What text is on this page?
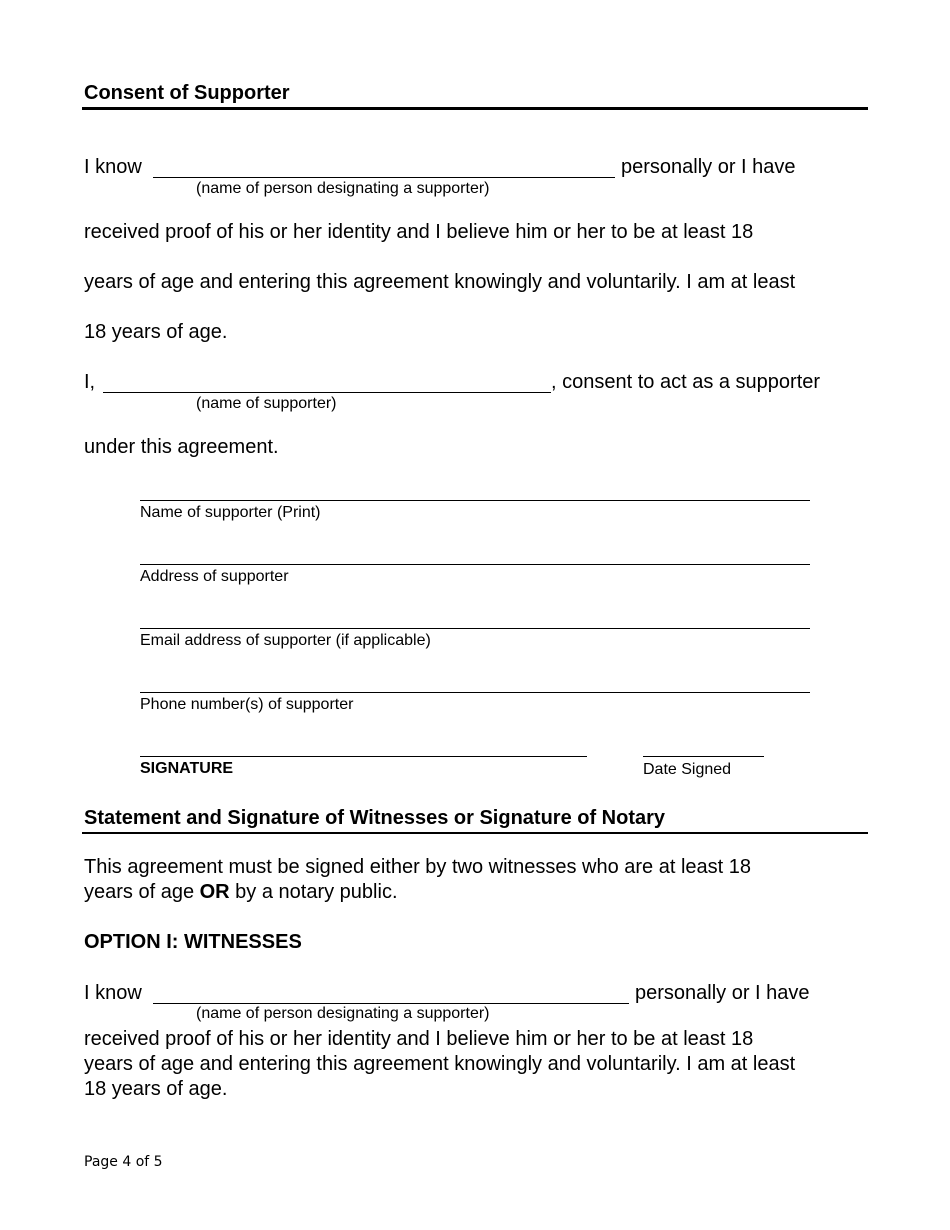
Consent of Supporter
I know	personally or I have
(name of person designating a supporter)
received proof of his or her identity and I believe him or her to be at least 18
years of age and entering this agreement knowingly and voluntarily. I am at least
18 years of age.
I,	, consent to act as a supporter
(name of supporter)
under this agreement.
Name of supporter (Print)
Address of supporter
Email address of supporter (if applicable)
Phone number(s) of supporter
SIGNATURE	Date Signed
Statement and Signature of Witnesses or Signature of Notary
This agreement must be signed either by two witnesses who are at least 18
years of age OR by a notary public.
OPTION I: WITNESSES
I know	personally or I have
(name of person designating a supporter)
received proof of his or her identity and I believe him or her to be at least 18
years of age and entering this agreement knowingly and voluntarily. I am at least
18 years of age.
Page 4 of 5
